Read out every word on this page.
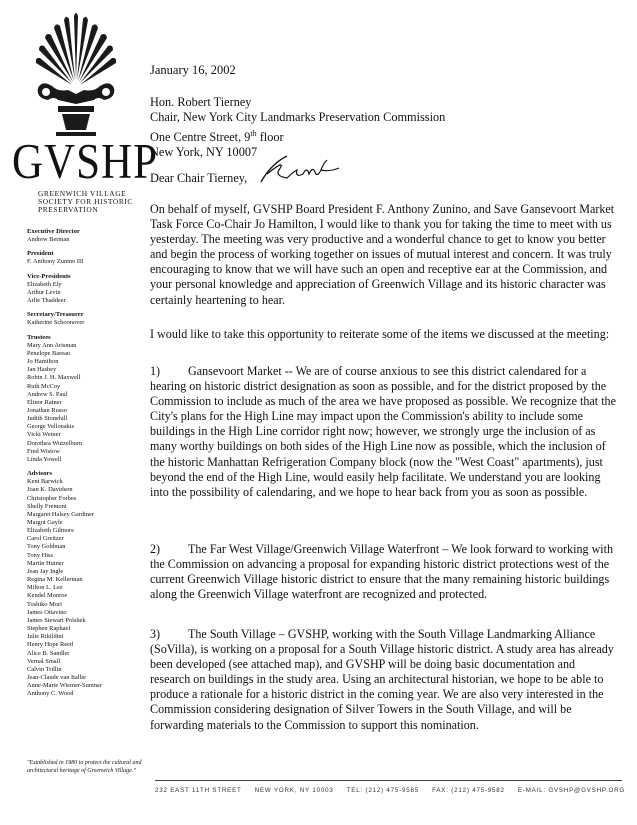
GVSHP
GREENWICH VILLAGE SOCIETY FOR HISTORIC PRESERVATION
Executive Director
Andrew Berman
President
F. Anthony Zunino III
Vice-Presidents
Elizabeth Ely
Arthur Levin
Arlie Thaddeer
Secretary/Treasurer
Katherine Schoonover
Trustees
Mary Ann Arisman
Penelope Bareau
Jo Hamilton
Jan Hashey
Robin J. H. Maxwell
Ruth McCoy
Andrew S. Paul
Elinor Ratner
Jonathan Russo
Judith Stonehill
George Vellonakis
Vicki Weiner
Dorothea Wutzelburn
Fred Wistow
Linda Yowell
Advisors
Kent Barwick
Joan K. Davidson
Christopher Forbes
Shelly Fremont
Margaret Halsey Gardiner
Margot Gayle
Elizabeth Gilmore
Carol Greitzer
Tony Goldman
Tony Hiss
Martin Hutner
Jean Jay Ingle
Regina M. Kellerman
Milton L. Lee
Kendel Monroe
Toshiko Mori
James Ottavino
James Stewart Polshek
Stephen Raphael
Julie Rikildini
Henry Hope Reed
Alice B. Sandler
Vernal Small
Calvin Trillin
Jean-Claude van Itallie
Anne-Marie Wiemer-Sumner
Anthony C. Wood
"Established in 1980 to protect the cultural and architectural heritage of Greenwich Village."
January 16, 2002
Hon. Robert Tierney
Chair, New York City Landmarks Preservation Commission
One Centre Street, 9th floor
New York, NY 10007
Dear Chair Tierney,
On behalf of myself, GVSHP Board President F. Anthony Zunino, and Save Gansevoort Market Task Force Co-Chair Jo Hamilton, I would like to thank you for taking the time to meet with us yesterday. The meeting was very productive and a wonderful chance to get to know you better and begin the process of working together on issues of mutual interest and concern. It was truly encouraging to know that we will have such an open and receptive ear at the Commission, and your personal knowledge and appreciation of Greenwich Village and its historic character was certainly heartening to hear.
I would like to take this opportunity to reiterate some of the items we discussed at the meeting:
1) Gansevoort Market -- We are of course anxious to see this district calendared for a hearing on historic district designation as soon as possible, and for the district proposed by the Commission to include as much of the area we have proposed as possible. We recognize that the City's plans for the High Line may impact upon the Commission's ability to include some buildings in the High Line corridor right now; however, we strongly urge the inclusion of as many worthy buildings on both sides of the High Line now as possible, which the inclusion of the historic Manhattan Refrigeration Company block (now the "West Coast" apartments), just beyond the end of the High Line, would easily help facilitate. We understand you are looking into the possibility of calendaring, and we hope to hear back from you as soon as possible.
2) The Far West Village/Greenwich Village Waterfront – We look forward to working with the Commission on advancing a proposal for expanding historic district protections west of the current Greenwich Village historic district to ensure that the many remaining historic buildings along the Greenwich Village waterfront are recognized and protected.
3) The South Village – GVSHP, working with the South Village Landmarking Alliance (SoVilla), is working on a proposal for a South Village historic district. A study area has already been developed (see attached map), and GVSHP will be doing basic documentation and research on buildings in the study area. Using an architectural historian, we hope to be able to produce a rationale for a historic district in the coming year. We are also very interested in the Commission considering designation of Silver Towers in the South Village, and will be forwarding materials to the Commission to support this nomination.
232 EAST 11TH STREET NEW YORK, NY 10003 TEL: (212) 475-9585 FAX: (212) 475-9582 E-MAIL: GVSHP@GVSHP.ORG
